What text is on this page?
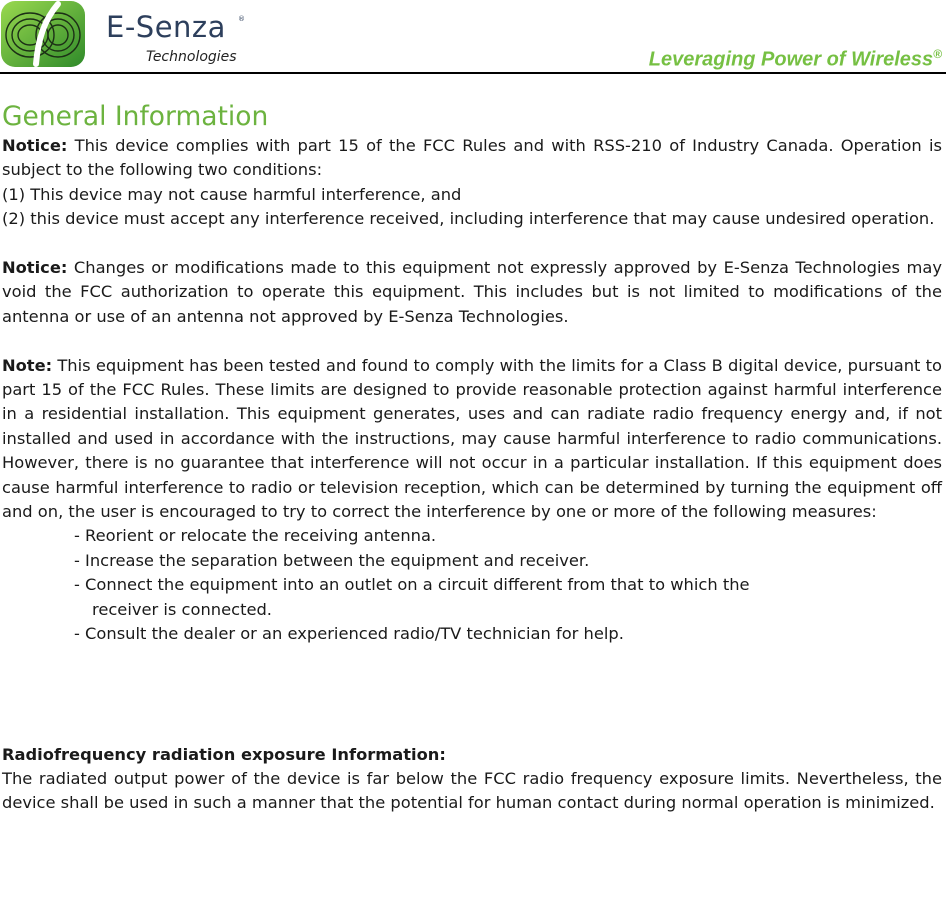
E-Senza ®
Technologies	Leveraging Power of Wireless®
General Information

Notice: This device complies with part 15 of the FCC Rules and with RSS-210 of Industry Canada. Operation is subject to the following two conditions:

(1) This device may not cause harmful interference, and

(2) this device must accept any interference received, including interference that may cause undesired operation.

Notice: Changes or modifications made to this equipment not expressly approved by E-Senza Technologies may void the FCC authorization to operate this equipment. This includes but is not limited to modifications of the antenna or use of an antenna not approved by E-Senza Technologies.

Note: This equipment has been tested and found to comply with the limits for a Class B digital device, pursuant to part 15 of the FCC Rules. These limits are designed to provide reasonable protection against harmful interference in a residential installation. This equipment generates, uses and can radiate radio frequency energy and, if not installed and used in accordance with the instructions, may cause harmful interference to radio communications. However, there is no guarantee that interference will not occur in a particular installation. If this equipment does cause harmful interference to radio or television reception, which can be determined by turning the equipment off and on, the user is encouraged to try to correct the interference by one or more of the following measures:

- Reorient or relocate the receiving antenna.
- Increase the separation between the equipment and receiver.
- Connect the equipment into an outlet on a circuit different from that to which the
receiver is connected.
- Consult the dealer or an experienced radio/TV technician for help.

Radiofrequency radiation exposure Information:

The radiated output power of the device is far below the FCC radio frequency exposure limits. Nevertheless, the device shall be used in such a manner that the potential for human contact during normal operation is minimized.
